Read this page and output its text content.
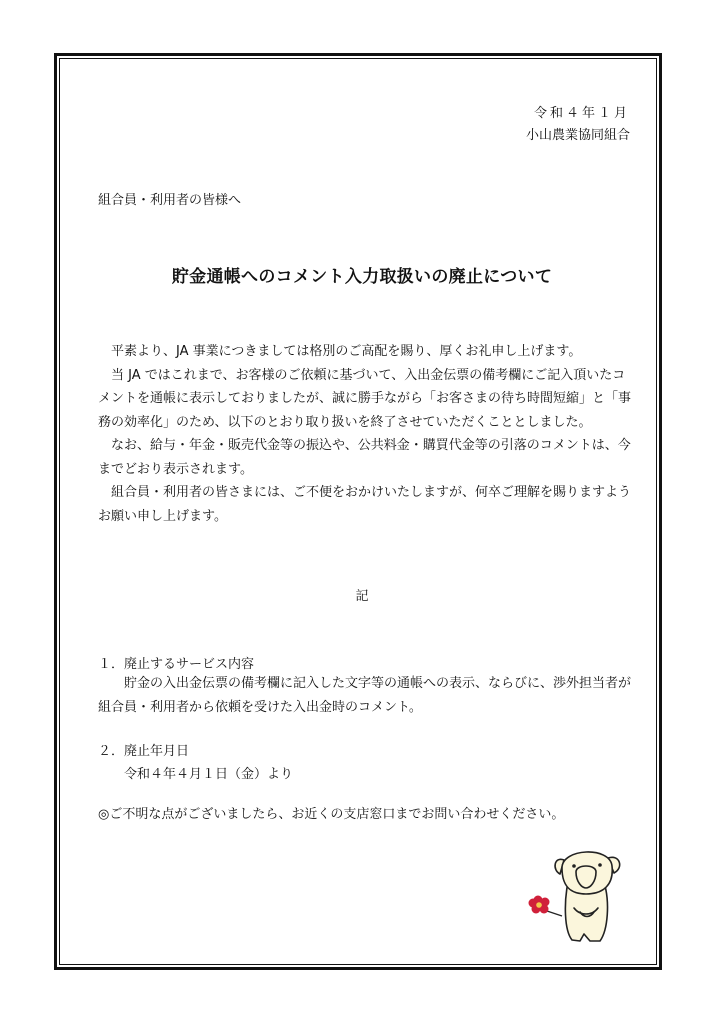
令和４年１月
小山農業協同組合
組合員・利用者の皆様へ
貯金通帳へのコメント入力取扱いの廃止について

平素より、JA 事業につきましては格別のご高配を賜り、厚くお礼申し上げます。

当 JA ではこれまで、お客様のご依頼に基づいて、入出金伝票の備考欄にご記入頂いたコメントを通帳に表示しておりましたが、誠に勝手ながら「お客さまの待ち時間短縮」と「事務の効率化」のため、以下のとおり取り扱いを終了させていただくこととしました。

なお、給与・年金・販売代金等の振込や、公共料金・購買代金等の引落のコメントは、今までどおり表示されます。

組合員・利用者の皆さまには、ご不便をおかけいたしますが、何卒ご理解を賜りますようお願い申し上げます。

記
１．廃止するサービス内容
貯金の入出金伝票の備考欄に記入した文字等の通帳への表示、ならびに、渉外担当者が組合員・利用者から依頼を受けた入出金時のコメント。
２．廃止年月日
令和４年４月１日（金）より
◎ご不明な点がございましたら、お近くの支店窓口までお問い合わせください。
